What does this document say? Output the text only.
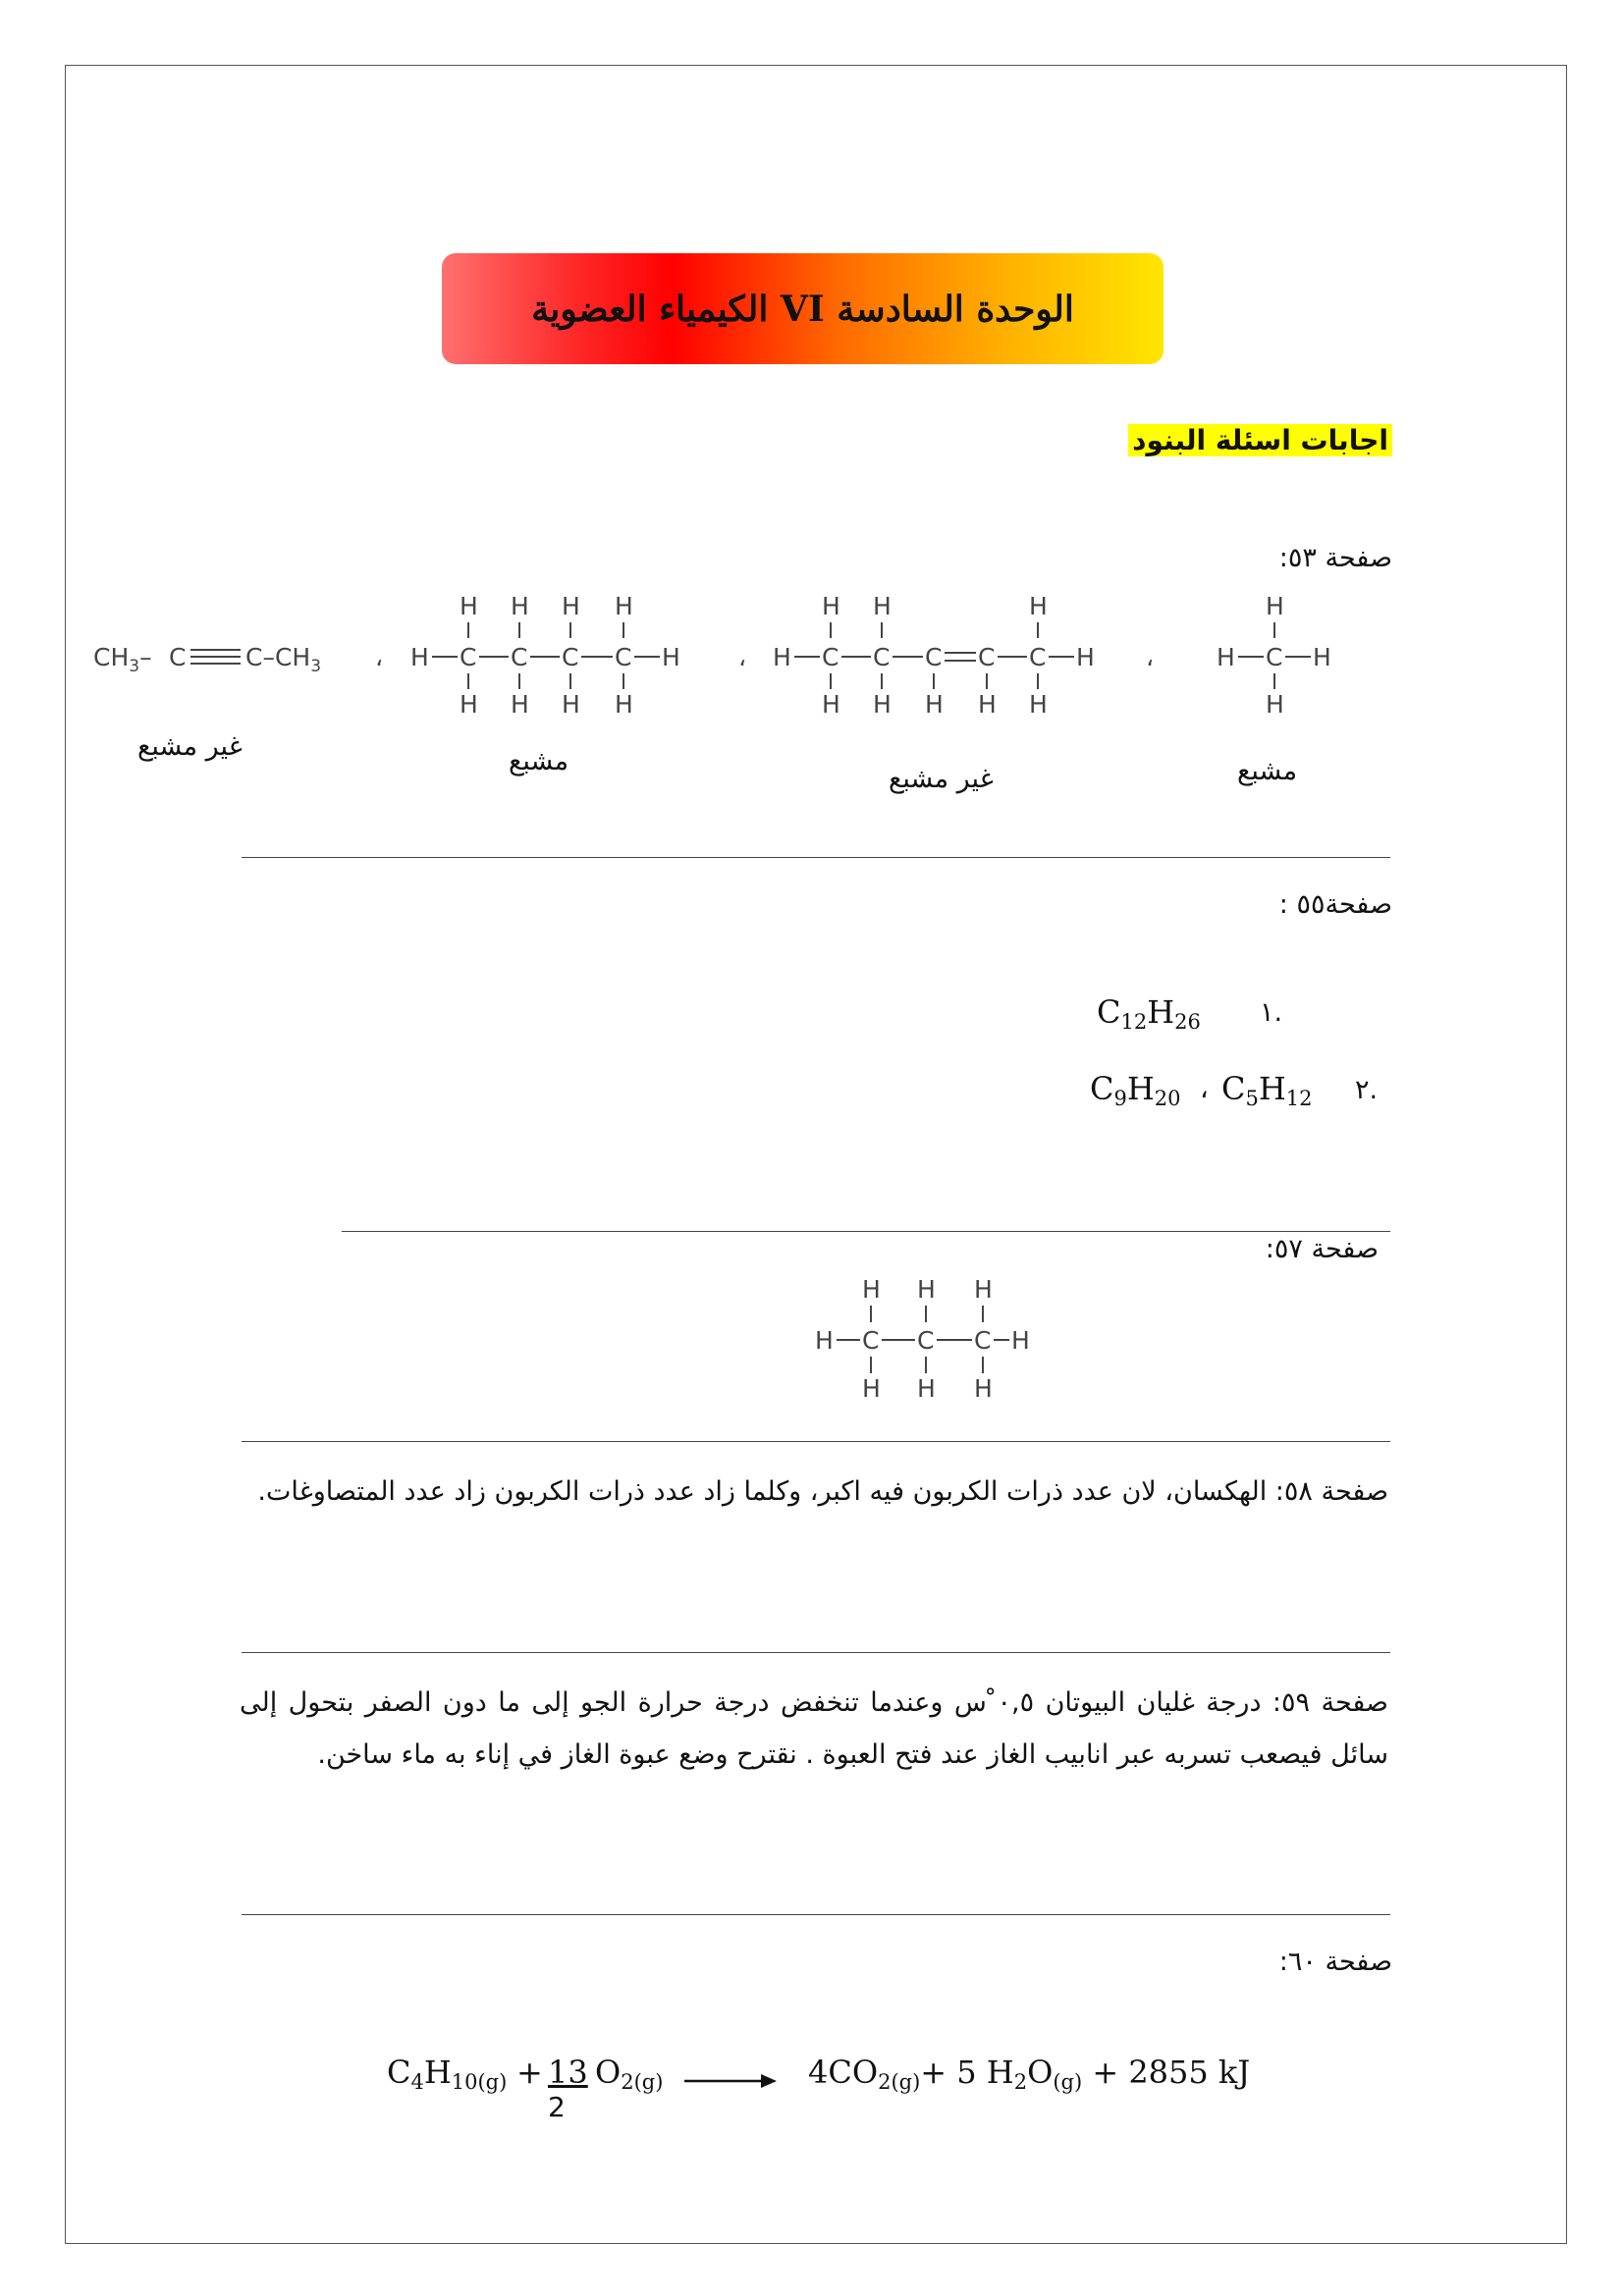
الوحدة السادسة VI الكيمياء العضوية
اجابات اسئلة البنود
صفحة ٥٣:
$CH_3-$ C $C-CH_3$ ، H C C C C H
H H H H
H H H H
، H C C C C C H
H H	H
H H H H H
،	H C H
H
H
غير مشبع	مشبع
غير مشبع	مشبع
صفحة٥٥ :
.١
$C_{12}H_{26}$
.٢
$C_5H_{12}$
،
$C_9H_{20}$
صفحة ٥٧:
H C C C H
H H H
H H H
صفحة ٥٨: الهكسان، لان عدد ذرات الكربون فيه اكبر، وكلما زاد عدد ذرات الكربون زاد عدد المتصاوغات.
صفحة ٥٩: درجة غليان البيوتان ٠,٥ ْس وعندما تنخفض درجة حرارة الجو إلى ما دون الصفر بتحول إلى سائل فيصعب تسربه عبر انابيب الغاز عند فتح العبوة . نقترح وضع عبوة الغاز في إناء به ماء ساخن.
صفحة ٦٠:
$C_4H_{10(g)} + 13$
2
$O_{2(g)}$	$4CO_{2(g)}+ 5$ $H_2O_{(g)} + 2855$ kJ
